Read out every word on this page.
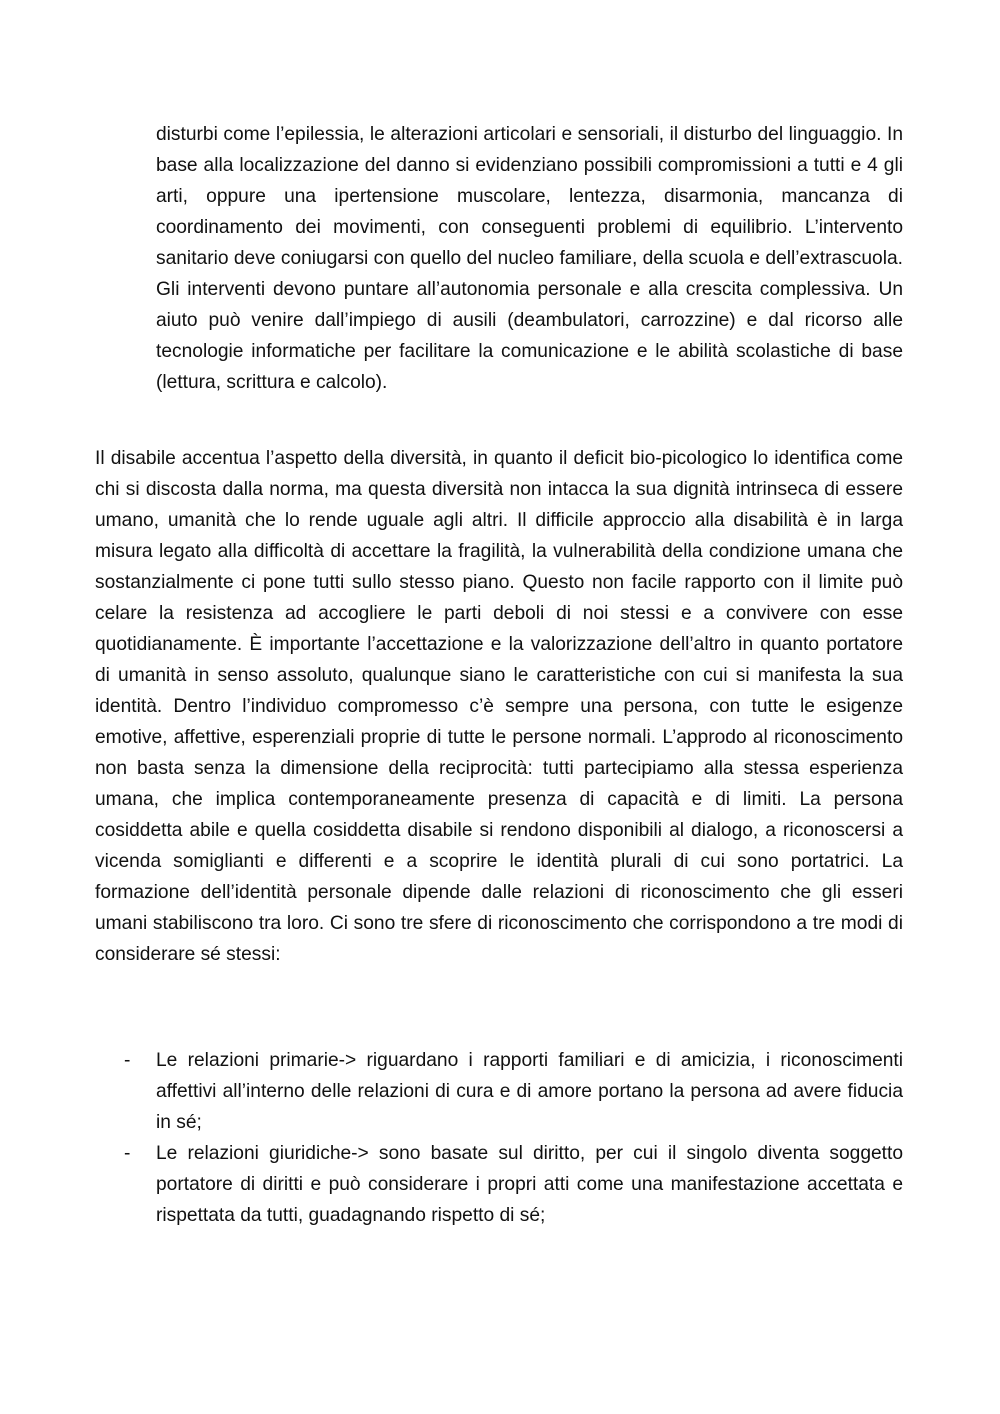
disturbi come l’epilessia, le alterazioni articolari e sensoriali, il disturbo del linguaggio. In base alla localizzazione del danno si evidenziano possibili compromissioni a tutti e 4 gli arti, oppure una ipertensione muscolare, lentezza, disarmonia, mancanza di coordinamento dei movimenti, con conseguenti problemi di equilibrio. L’intervento sanitario deve coniugarsi con quello del nucleo familiare, della scuola e dell’extrascuola. Gli interventi devono puntare all’autonomia personale e alla crescita complessiva. Un aiuto può venire dall’impiego di ausili (deambulatori, carrozzine) e dal ricorso alle tecnologie informatiche per facilitare la comunicazione e le abilità scolastiche di base (lettura, scrittura e calcolo).

Il disabile accentua l’aspetto della diversità, in quanto il deficit bio-picologico lo identifica come chi si discosta dalla norma, ma questa diversità non intacca la sua dignità intrinseca di essere umano, umanità che lo rende uguale agli altri. Il difficile approccio alla disabilità è in larga misura legato alla difficoltà di accettare la fragilità, la vulnerabilità della condizione umana che sostanzialmente ci pone tutti sullo stesso piano. Questo non facile rapporto con il limite può celare la resistenza ad accogliere le parti deboli di noi stessi e a convivere con esse quotidianamente. È importante l’accettazione e la valorizzazione dell’altro in quanto portatore di umanità in senso assoluto, qualunque siano le caratteristiche con cui si manifesta la sua identità. Dentro l’individuo compromesso c’è sempre una persona, con tutte le esigenze emotive, affettive, esperenziali proprie di tutte le persone normali. L’approdo al riconoscimento non basta senza la dimensione della reciprocità: tutti partecipiamo alla stessa esperienza umana, che implica contemporaneamente presenza di capacità e di limiti. La persona cosiddetta abile e quella cosiddetta disabile si rendono disponibili al dialogo, a riconoscersi a vicenda somiglianti e differenti e a scoprire le identità plurali di cui sono portatrici. La formazione dell’identità personale dipende dalle relazioni di riconoscimento che gli esseri umani stabiliscono tra loro. Ci sono tre sfere di riconoscimento che corrispondono a tre modi di considerare sé stessi:

- Le relazioni primarie-> riguardano i rapporti familiari e di amicizia, i riconoscimenti affettivi all’interno delle relazioni di cura e di amore portano la persona ad avere fiducia in sé;
- Le relazioni giuridiche-> sono basate sul diritto, per cui il singolo diventa soggetto portatore di diritti e può considerare i propri atti come una manifestazione accettata e rispettata da tutti, guadagnando rispetto di sé;
